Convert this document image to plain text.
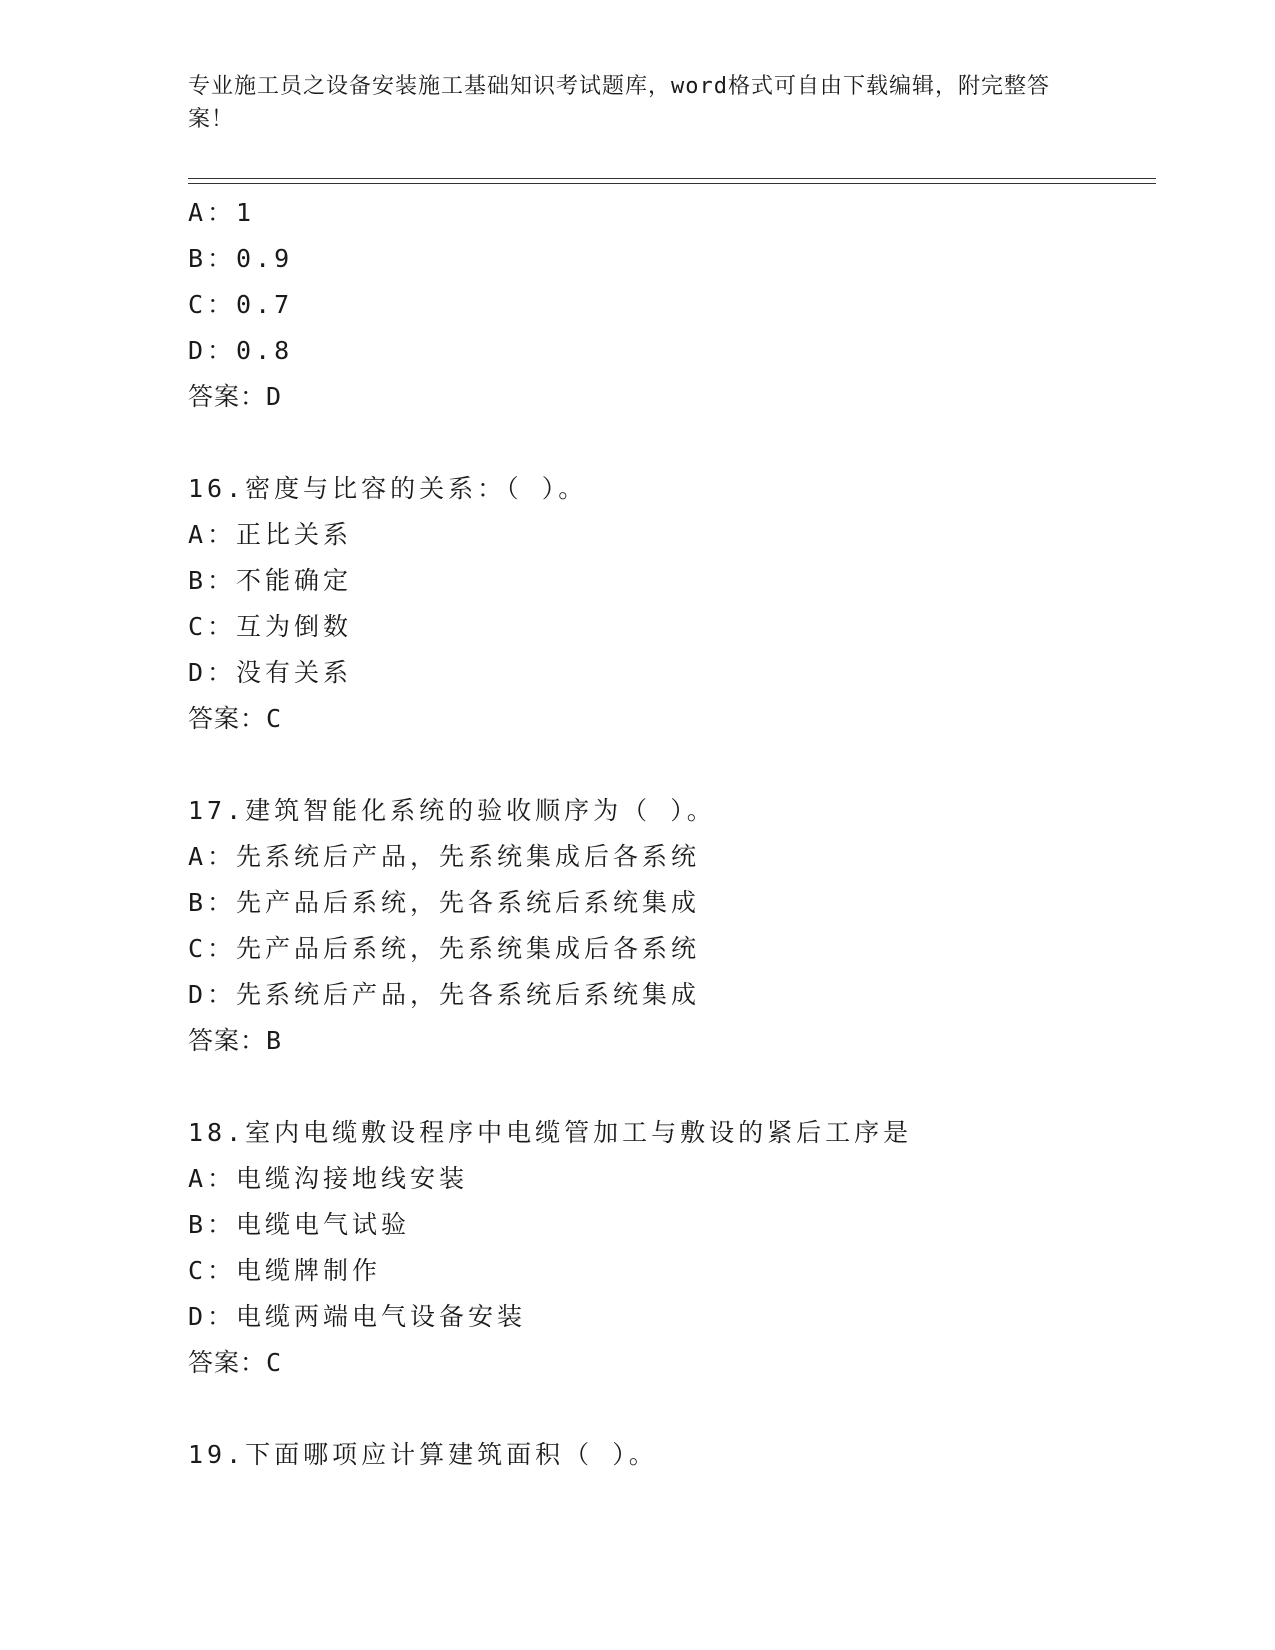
专业施工员之设备安装施工基础知识考试题库，word格式可自由下载编辑，附完整答案！
A：1
B：0.9
C：0.7
D：0.8
答案：D
16.密度与比容的关系：（ ）。
A：正比关系
B：不能确定
C：互为倒数
D：没有关系
答案：C
17.建筑智能化系统的验收顺序为（ ）。
A：先系统后产品，先系统集成后各系统
B：先产品后系统，先各系统后系统集成
C：先产品后系统，先系统集成后各系统
D：先系统后产品，先各系统后系统集成
答案：B
18.室内电缆敷设程序中电缆管加工与敷设的紧后工序是
A：电缆沟接地线安装
B：电缆电气试验
C：电缆牌制作
D：电缆两端电气设备安装
答案：C
19.下面哪项应计算建筑面积（ ）。
